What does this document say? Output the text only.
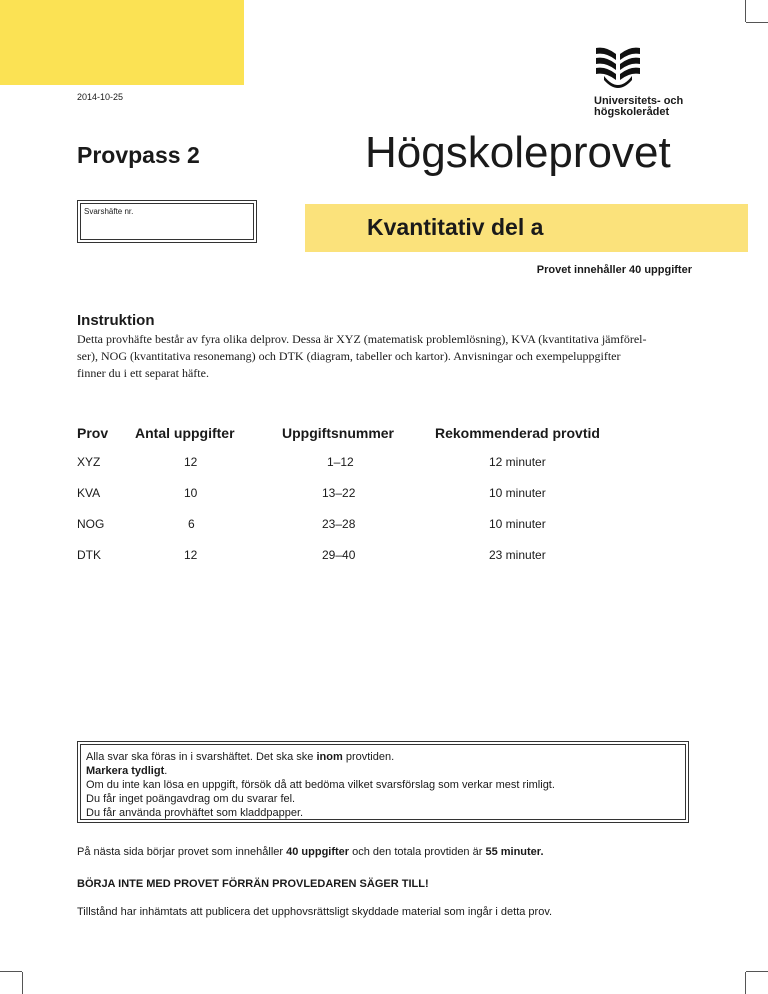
2014-10-25	Universitets- och
högskolerådet
Provpass 2	Högskoleprovet
Svarshäfte nr.
Kvantitativ del a
Provet innehåller 40 uppgifter
Instruktion
Detta provhäfte består av fyra olika delprov. Dessa är XYZ (matematisk problemlösning), KVA (kvantitativa jämförel-
ser), NOG (kvantitativa resonemang) och DTK (diagram, tabeller och kartor). Anvisningar och exempeluppgifter
finner du i ett separat häfte.
Prov	Antal uppgifter	Uppgiftsnummer	Rekommenderad provtid
XYZ	12	1–12	12 minuter
KVA	10	13–22	10 minuter
NOG	6	23–28	10 minuter
DTK	12	29–40	23 minuter
Alla svar ska föras in i svarshäftet. Det ska ske inom provtiden.
Markera tydligt.
Om du inte kan lösa en uppgift, försök då att bedöma vilket svarsförslag som verkar mest rimligt.
Du får inget poängavdrag om du svarar fel.
Du får använda provhäftet som kladdpapper.
På nästa sida börjar provet som innehåller 40 uppgifter och den totala provtiden är 55 minuter.
BÖRJA INTE MED PROVET FÖRRÄN PROVLEDAREN SÄGER TILL!
Tillstånd har inhämtats att publicera det upphovsrättsligt skyddade material som ingår i detta prov.
